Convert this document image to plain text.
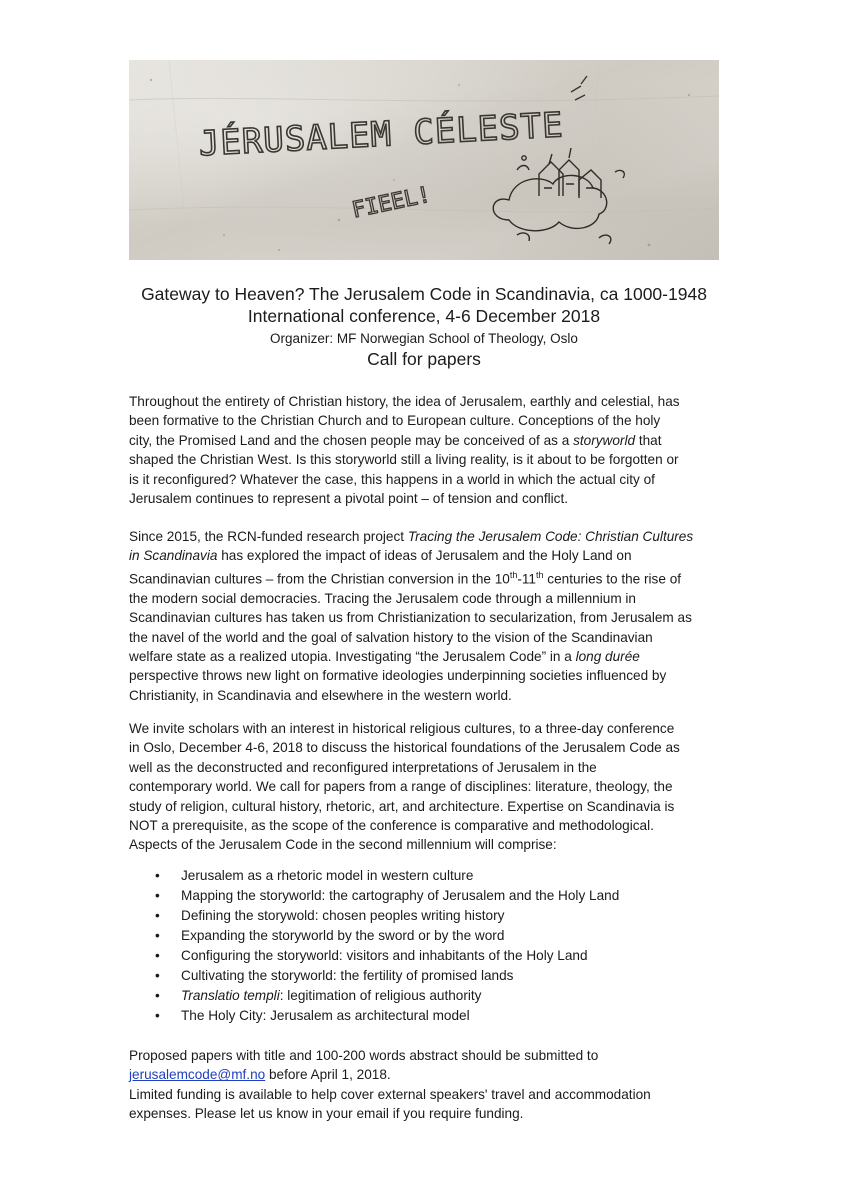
JÉRUSALEM CÉLESTE
FIEEL!
Gateway to Heaven? The Jerusalem Code in Scandinavia, ca 1000-1948
International conference, 4-6 December 2018
Organizer: MF Norwegian School of Theology, Oslo
Call for papers
Throughout the entirety of Christian history, the idea of Jerusalem, earthly and celestial, has
been formative to the Christian Church and to European culture. Conceptions of the holy
city, the Promised Land and the chosen people may be conceived of as a storyworld that
shaped the Christian West. Is this storyworld still a living reality, is it about to be forgotten or
is it reconfigured? Whatever the case, this happens in a world in which the actual city of
Jerusalem continues to represent a pivotal point – of tension and conflict.
Since 2015, the RCN-funded research project Tracing the Jerusalem Code: Christian Cultures
in Scandinavia has explored the impact of ideas of Jerusalem and the Holy Land on
Scandinavian cultures – from the Christian conversion in the 10th-11th centuries to the rise of
the modern social democracies. Tracing the Jerusalem code through a millennium in
Scandinavian cultures has taken us from Christianization to secularization, from Jerusalem as
the navel of the world and the goal of salvation history to the vision of the Scandinavian
welfare state as a realized utopia. Investigating “the Jerusalem Code” in a long durée
perspective throws new light on formative ideologies underpinning societies influenced by
Christianity, in Scandinavia and elsewhere in the western world.
We invite scholars with an interest in historical religious cultures, to a three-day conference
in Oslo, December 4-6, 2018 to discuss the historical foundations of the Jerusalem Code as
well as the deconstructed and reconfigured interpretations of Jerusalem in the
contemporary world. We call for papers from a range of disciplines: literature, theology, the
study of religion, cultural history, rhetoric, art, and architecture. Expertise on Scandinavia is
NOT a prerequisite, as the scope of the conference is comparative and methodological.
Aspects of the Jerusalem Code in the second millennium will comprise:
• Jerusalem as a rhetoric model in western culture
• Mapping the storyworld: the cartography of Jerusalem and the Holy Land
• Defining the storywold: chosen peoples writing history
• Expanding the storyworld by the sword or by the word
• Configuring the storyworld: visitors and inhabitants of the Holy Land
• Cultivating the storyworld: the fertility of promised lands
• Translatio templi: legitimation of religious authority
• The Holy City: Jerusalem as architectural model
Proposed papers with title and 100-200 words abstract should be submitted to
jerusalemcode@mf.no before April 1, 2018.
Limited funding is available to help cover external speakers' travel and accommodation
expenses. Please let us know in your email if you require funding.
